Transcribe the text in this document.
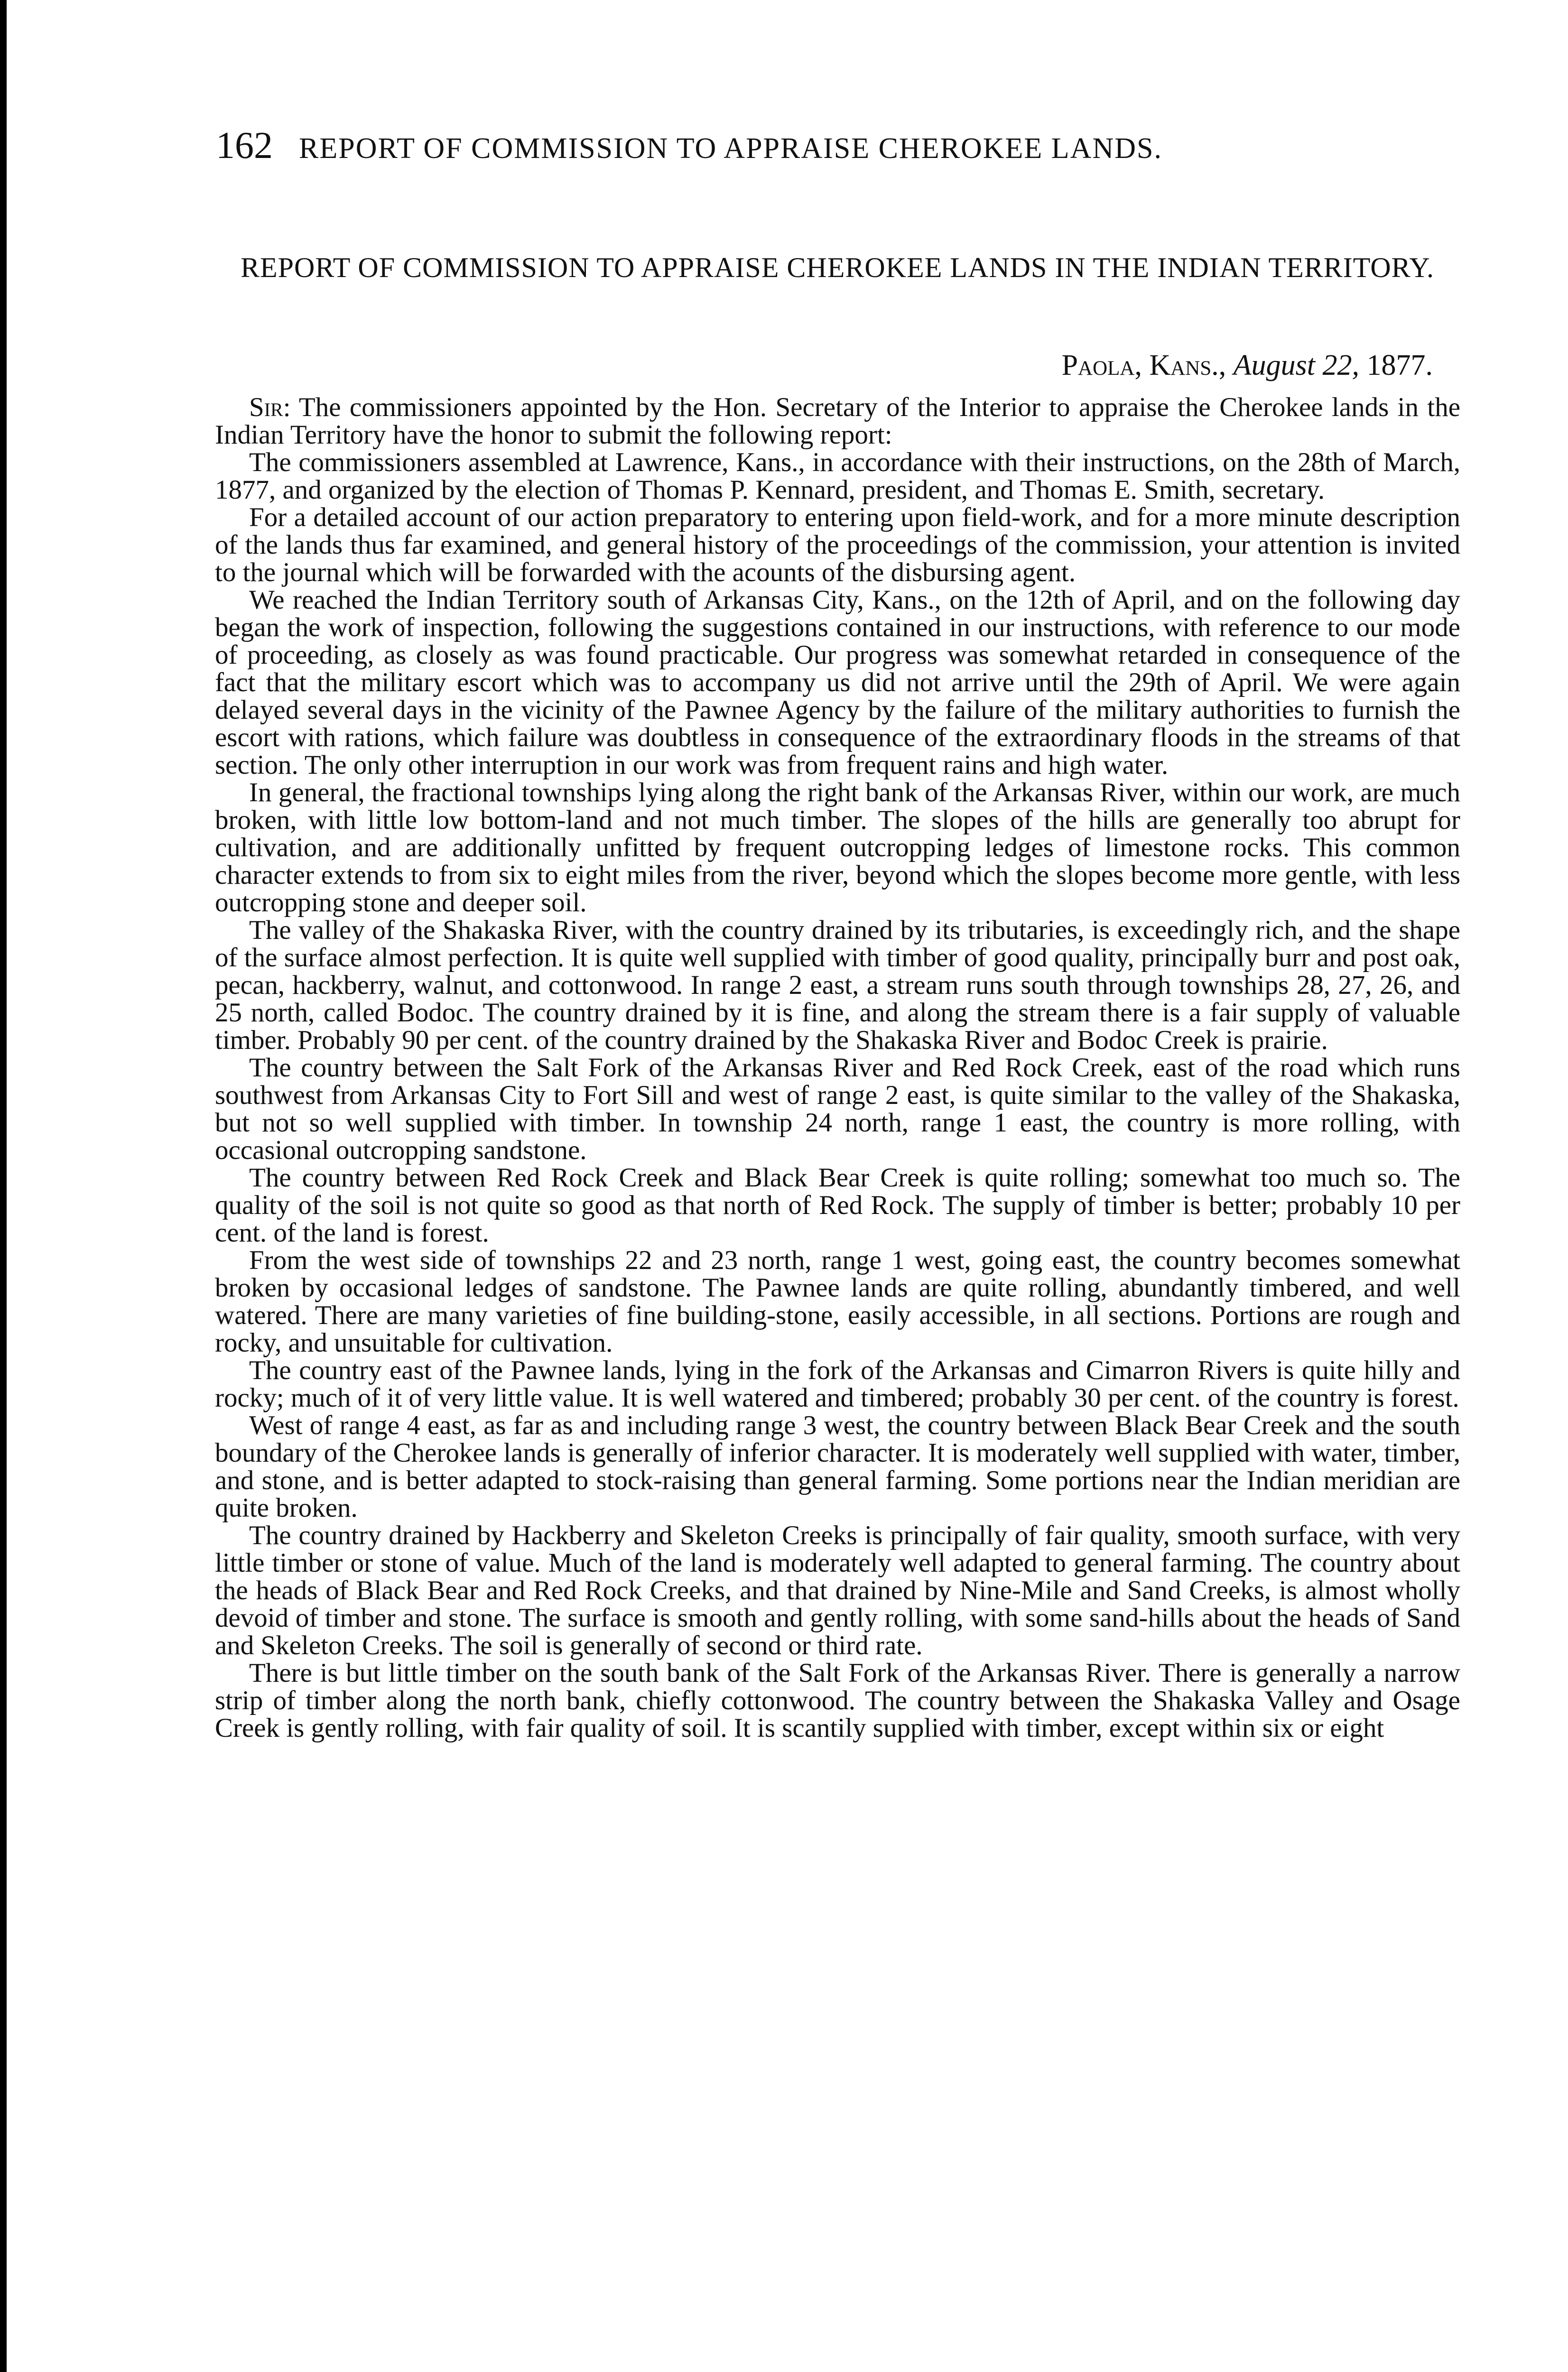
162 REPORT OF COMMISSION TO APPRAISE CHEROKEE LANDS.
REPORT OF COMMISSION TO APPRAISE CHEROKEE LANDS IN THE INDIAN TERRITORY.
Paola, Kans., August 22, 1877.

Sir: The commissioners appointed by the Hon. Secretary of the Interior to appraise the Cherokee lands in the Indian Territory have the honor to submit the following report:

The commissioners assembled at Lawrence, Kans., in accordance with their instructions, on the 28th of March, 1877, and organized by the election of Thomas P. Kennard, president, and Thomas E. Smith, secretary.

For a detailed account of our action preparatory to entering upon field-work, and for a more minute description of the lands thus far examined, and general history of the proceedings of the commission, your attention is invited to the journal which will be forwarded with the acounts of the disbursing agent.

We reached the Indian Territory south of Arkansas City, Kans., on the 12th of April, and on the following day began the work of inspection, following the suggestions contained in our instructions, with reference to our mode of proceeding, as closely as was found practicable. Our progress was somewhat retarded in consequence of the fact that the military escort which was to accompany us did not arrive until the 29th of April. We were again delayed several days in the vicinity of the Pawnee Agency by the failure of the military authorities to furnish the escort with rations, which failure was doubtless in consequence of the extraordinary floods in the streams of that section. The only other interruption in our work was from frequent rains and high water.

In general, the fractional townships lying along the right bank of the Arkansas River, within our work, are much broken, with little low bottom-land and not much timber. The slopes of the hills are generally too abrupt for cultivation, and are additionally unfitted by frequent outcropping ledges of limestone rocks. This common character extends to from six to eight miles from the river, beyond which the slopes become more gentle, with less outcropping stone and deeper soil.

The valley of the Shakaska River, with the country drained by its tributaries, is exceedingly rich, and the shape of the surface almost perfection. It is quite well supplied with timber of good quality, principally burr and post oak, pecan, hackberry, walnut, and cottonwood. In range 2 east, a stream runs south through townships 28, 27, 26, and 25 north, called Bodoc. The country drained by it is fine, and along the stream there is a fair supply of valuable timber. Probably 90 per cent. of the country drained by the Shakaska River and Bodoc Creek is prairie.

The country between the Salt Fork of the Arkansas River and Red Rock Creek, east of the road which runs southwest from Arkansas City to Fort Sill and west of range 2 east, is quite similar to the valley of the Shakaska, but not so well supplied with timber. In township 24 north, range 1 east, the country is more rolling, with occasional outcropping sandstone.

The country between Red Rock Creek and Black Bear Creek is quite rolling; somewhat too much so. The quality of the soil is not quite so good as that north of Red Rock. The supply of timber is better; probably 10 per cent. of the land is forest.

From the west side of townships 22 and 23 north, range 1 west, going east, the country becomes somewhat broken by occasional ledges of sandstone. The Pawnee lands are quite rolling, abundantly timbered, and well watered. There are many varieties of fine building-stone, easily accessible, in all sections. Portions are rough and rocky, and unsuitable for cultivation.

The country east of the Pawnee lands, lying in the fork of the Arkansas and Cimarron Rivers is quite hilly and rocky; much of it of very little value. It is well watered and timbered; probably 30 per cent. of the country is forest.

West of range 4 east, as far as and including range 3 west, the country between Black Bear Creek and the south boundary of the Cherokee lands is generally of inferior character. It is moderately well supplied with water, timber, and stone, and is better adapted to stock-raising than general farming. Some portions near the Indian meridian are quite broken.

The country drained by Hackberry and Skeleton Creeks is principally of fair quality, smooth surface, with very little timber or stone of value. Much of the land is moderately well adapted to general farming. The country about the heads of Black Bear and Red Rock Creeks, and that drained by Nine-Mile and Sand Creeks, is almost wholly devoid of timber and stone. The surface is smooth and gently rolling, with some sand-hills about the heads of Sand and Skeleton Creeks. The soil is generally of second or third rate.

There is but little timber on the south bank of the Salt Fork of the Arkansas River. There is generally a narrow strip of timber along the north bank, chiefly cottonwood. The country between the Shakaska Valley and Osage Creek is gently rolling, with fair quality of soil. It is scantily supplied with timber, except within six or eight
